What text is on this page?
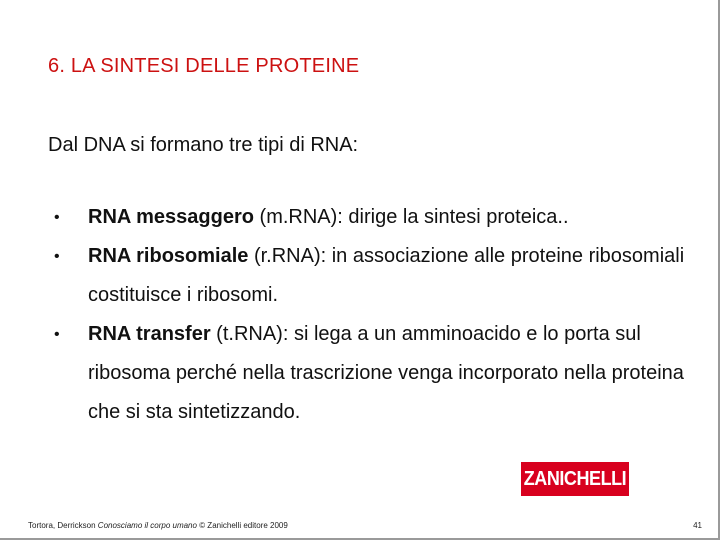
6. LA SINTESI DELLE PROTEINE
Dal DNA si formano tre tipi di RNA:
• RNA messaggero (m.RNA): dirige la sintesi proteica..
• RNA ribosomiale (r.RNA): in associazione alle proteine ribosomiali costituisce i ribosomi.
• RNA transfer (t.RNA): si lega a un amminoacido e lo porta sul ribosoma perché nella trascrizione venga incorporato nella proteina che si sta sintetizzando.
ZANICHELLI
Tortora, Derrickson Conosciamo il corpo umano © Zanichelli editore 2009	41
